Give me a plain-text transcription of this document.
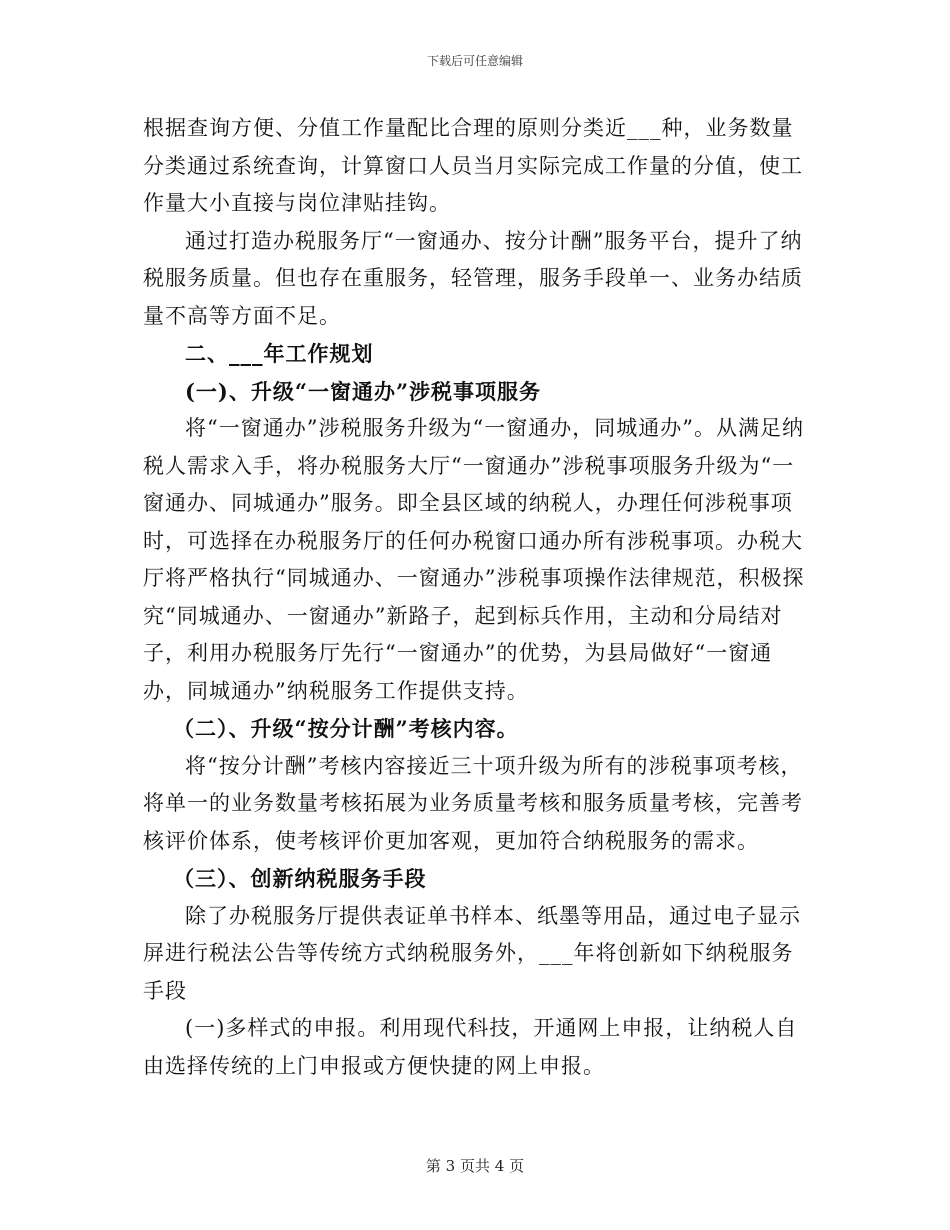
下载后可任意编辑

根据查询方便、分值工作量配比合理的原则分类近___种，业务数量分类通过系统查询，计算窗口人员当月实际完成工作量的分值，使工作量大小直接与岗位津贴挂钩。

通过打造办税服务厅“一窗通办、按分计酬”服务平台，提升了纳税服务质量。但也存在重服务，轻管理，服务手段单一、业务办结质量不高等方面不足。

二、___年工作规划

(一)、升级“一窗通办”涉税事项服务

将“一窗通办”涉税服务升级为“一窗通办，同城通办”。从满足纳税人需求入手，将办税服务大厅“一窗通办”涉税事项服务升级为“一窗通办、同城通办”服务。即全县区域的纳税人，办理任何涉税事项时，可选择在办税服务厅的任何办税窗口通办所有涉税事项。办税大厅将严格执行“同城通办、一窗通办”涉税事项操作法律规范，积极探究“同城通办、一窗通办”新路子，起到标兵作用，主动和分局结对子，利用办税服务厅先行“一窗通办”的优势，为县局做好“一窗通办，同城通办”纳税服务工作提供支持。

（二）、升级“按分计酬”考核内容。

将“按分计酬”考核内容接近三十项升级为所有的涉税事项考核，将单一的业务数量考核拓展为业务质量考核和服务质量考核，完善考核评价体系，使考核评价更加客观，更加符合纳税服务的需求。

（三）、创新纳税服务手段

除了办税服务厅提供表证单书样本、纸墨等用品，通过电子显示屏进行税法公告等传统方式纳税服务外，___年将创新如下纳税服务手段

(一)多样式的申报。利用现代科技，开通网上申报，让纳税人自由选择传统的上门申报或方便快捷的网上申报。

第 3 页共 4 页
